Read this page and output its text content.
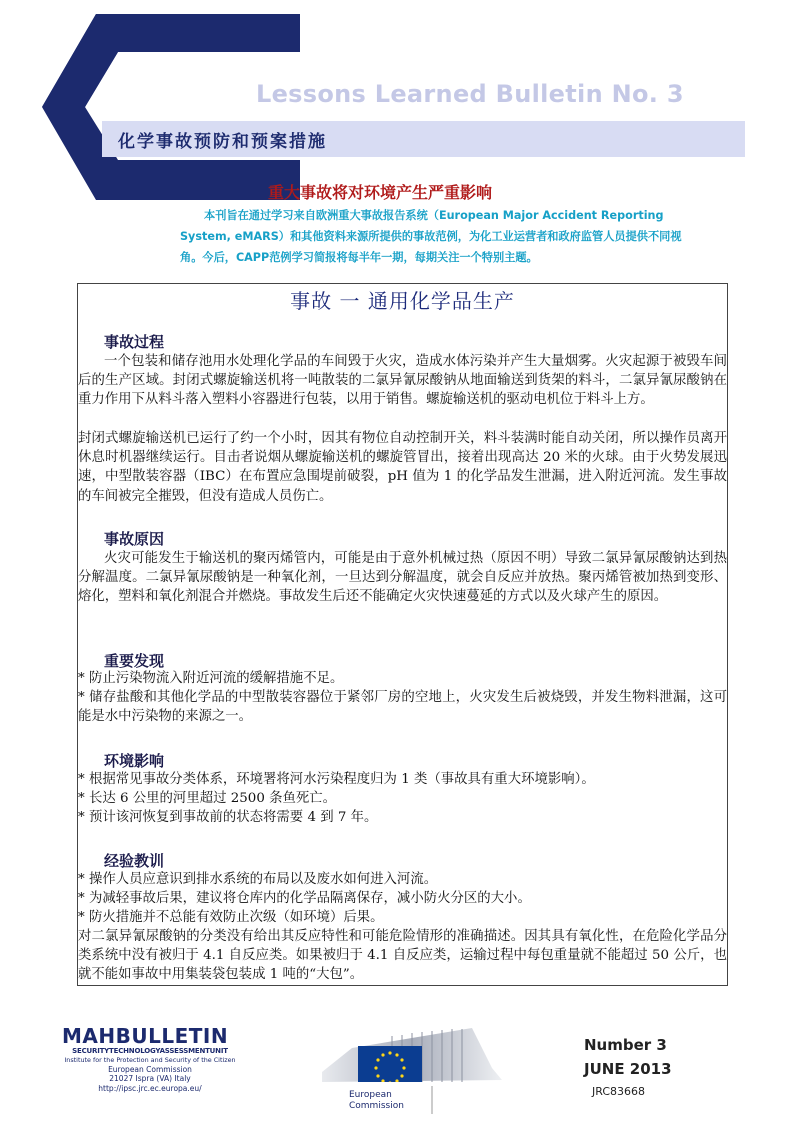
Lessons Learned Bulletin No. 3
化学事故预防和预案措施
重大事故将对环境产生严重影响
本刊旨在通过学习来自欧洲重大事故报告系统（European Major Accident Reporting System, eMARS）和其他资料来源所提供的事故范例，为化工业运营者和政府监管人员提供不同视角。今后，CAPP范例学习简报将每半年一期，每期关注一个特别主题。
事故 一 通用化学品生产
事故过程
一个包装和储存池用水处理化学品的车间毁于火灾，造成水体污染并产生大量烟雾。火灾起源于被毁车间后的生产区域。封闭式螺旋输送机将一吨散装的二氯异氰尿酸钠从地面输送到货架的料斗，二氯异氰尿酸钠在重力作用下从料斗落入塑料小容器进行包装，以用于销售。螺旋输送机的驱动电机位于料斗上方。
封闭式螺旋输送机已运行了约一个小时，因其有物位自动控制开关，料斗装满时能自动关闭，所以操作员离开休息时机器继续运行。目击者说烟从螺旋输送机的螺旋管冒出，接着出现高达 20 米的火球。由于火势发展迅速，中型散装容器（IBC）在布置应急围堤前破裂，pH 值为 1 的化学品发生泄漏，进入附近河流。发生事故的车间被完全摧毁，但没有造成人员伤亡。
事故原因
火灾可能发生于输送机的聚丙烯管内，可能是由于意外机械过热（原因不明）导致二氯异氰尿酸钠达到热分解温度。二氯异氰尿酸钠是一种氧化剂，一旦达到分解温度，就会自反应并放热。聚丙烯管被加热到变形、熔化，塑料和氧化剂混合并燃烧。事故发生后还不能确定火灾快速蔓延的方式以及火球产生的原因。
重要发现
* 防止污染物流入附近河流的缓解措施不足。
* 储存盐酸和其他化学品的中型散装容器位于紧邻厂房的空地上，火灾发生后被烧毁，并发生物料泄漏，这可能是水中污染物的来源之一。
环境影响
* 根据常见事故分类体系，环境署将河水污染程度归为 1 类（事故具有重大环境影响）。
* 长达 6 公里的河里超过 2500 条鱼死亡。
* 预计该河恢复到事故前的状态将需要 4 到 7 年。
经验教训
* 操作人员应意识到排水系统的布局以及废水如何进入河流。
* 为减轻事故后果，建议将仓库内的化学品隔离保存，减小防火分区的大小。
* 防火措施并不总能有效防止次级（如环境）后果。
对二氯异氰尿酸钠的分类没有给出其反应特性和可能危险情形的准确描述。因其具有氧化性，在危险化学品分类系统中没有被归于 4.1 自反应类。如果被归于 4.1 自反应类，运输过程中每包重量就不能超过 50 公斤，也就不能如事故中用集装袋包装成 1 吨的“大包”。
MAHBULLETIN
SECURITYTECHNOLOGYASSESSMENTUNIT
Institute for the Protection and Security of the Citizen
European Commission
21027 Ispra (VA) Italy
http://ipsc.jrc.ec.europa.eu/
European
Commission
Number 3
JUNE 2013
JRC83668
